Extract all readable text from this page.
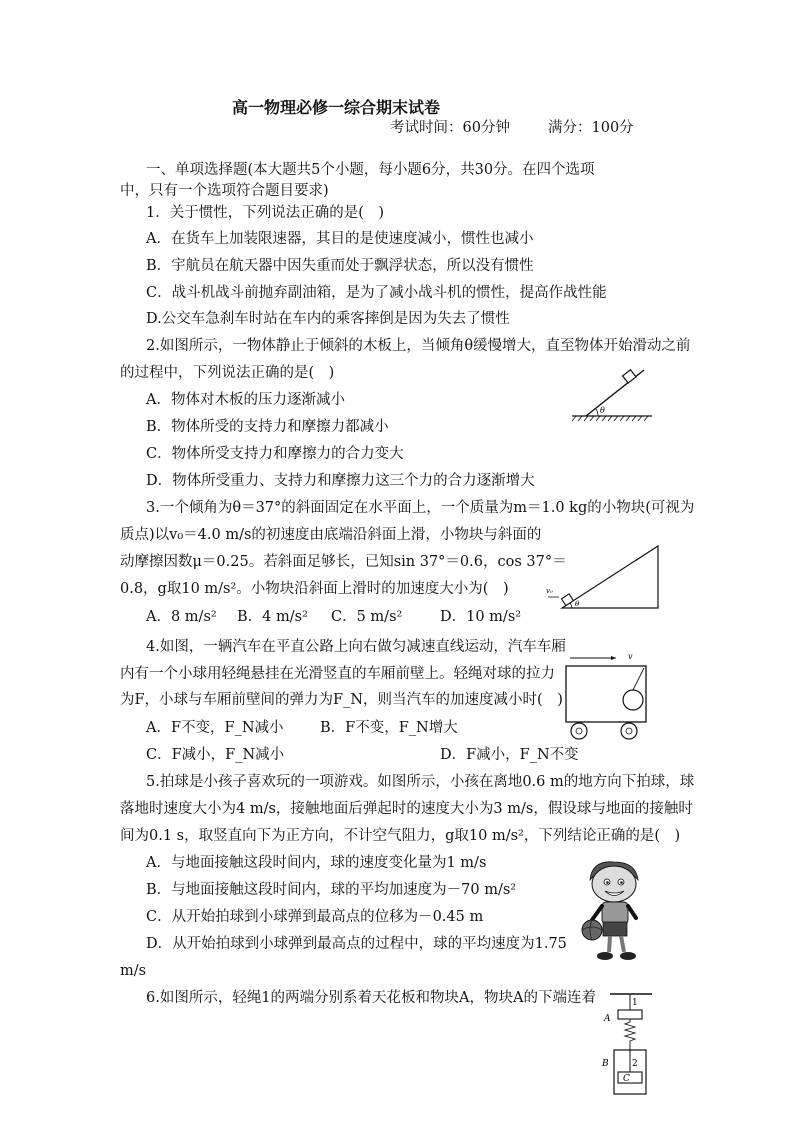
高一物理必修一综合期末试卷
考试时间：60分钟	满分：100分
一、单项选择题(本大题共5个小题，每小题6分，共30分。在四个选项
中，只有一个选项符合题目要求)
1．关于惯性，下列说法正确的是(　)
A．在货车上加装限速器，其目的是使速度减小，惯性也减小
B．宇航员在航天器中因失重而处于飘浮状态，所以没有惯性
C．战斗机战斗前抛弃副油箱，是为了减小战斗机的惯性，提高作战性能
D.公交车急刹车时站在车内的乘客摔倒是因为失去了惯性
2.如图所示，一物体静止于倾斜的木板上，当倾角θ缓慢增大，直至物体开始滑动之前
的过程中，下列说法正确的是(　)
A．物体对木板的压力逐渐减小
B．物体所受的支持力和摩擦力都减小
C．物体所受支持力和摩擦力的合力变大
D．物体所受重力、支持力和摩擦力这三个力的合力逐渐增大
θ
3.一个倾角为θ＝37°的斜面固定在水平面上，一个质量为m＝1.0 kg的小物块(可视为
质点)以v₀＝4.0 m/s的初速度由底端沿斜面上滑，小物块与斜面的
动摩擦因数μ＝0.25。若斜面足够长，已知sin 37°＝0.6，cos 37°＝
0.8，g取10 m/s²。小物块沿斜面上滑时的加速度大小为(　)
A．8 m/s² B．4 m/s² C．5 m/s²	D．10 m/s²
θ
v₀
4.如图，一辆汽车在平直公路上向右做匀减速直线运动，汽车车厢
内有一个小球用轻绳悬挂在光滑竖直的车厢前壁上。轻绳对球的拉力
为F，小球与车厢前壁间的弹力为F_N，则当汽车的加速度减小时(　)
A．F不变，F_N减小	B．F不变，F_N增大
C．F减小，F_N减小	D．F减小，F_N不变
v
5.拍球是小孩子喜欢玩的一项游戏。如图所示，小孩在离地0.6 m的地方向下拍球，球
落地时速度大小为4 m/s，接触地面后弹起时的速度大小为3 m/s，假设球与地面的接触时
间为0.1 s，取竖直向下为正方向，不计空气阻力，g取10 m/s²，下列结论正确的是(　)
A．与地面接触这段时间内，球的速度变化量为1 m/s
B．与地面接触这段时间内，球的平均加速度为－70 m/s²
C．从开始拍球到小球弹到最高点的位移为－0.45 m
D．从开始拍球到小球弹到最高点的过程中，球的平均速度为1.75
m/s
6.如图所示，轻绳1的两端分别系着天花板和物块A，物块A的下端连着	1
A
B	2
C
